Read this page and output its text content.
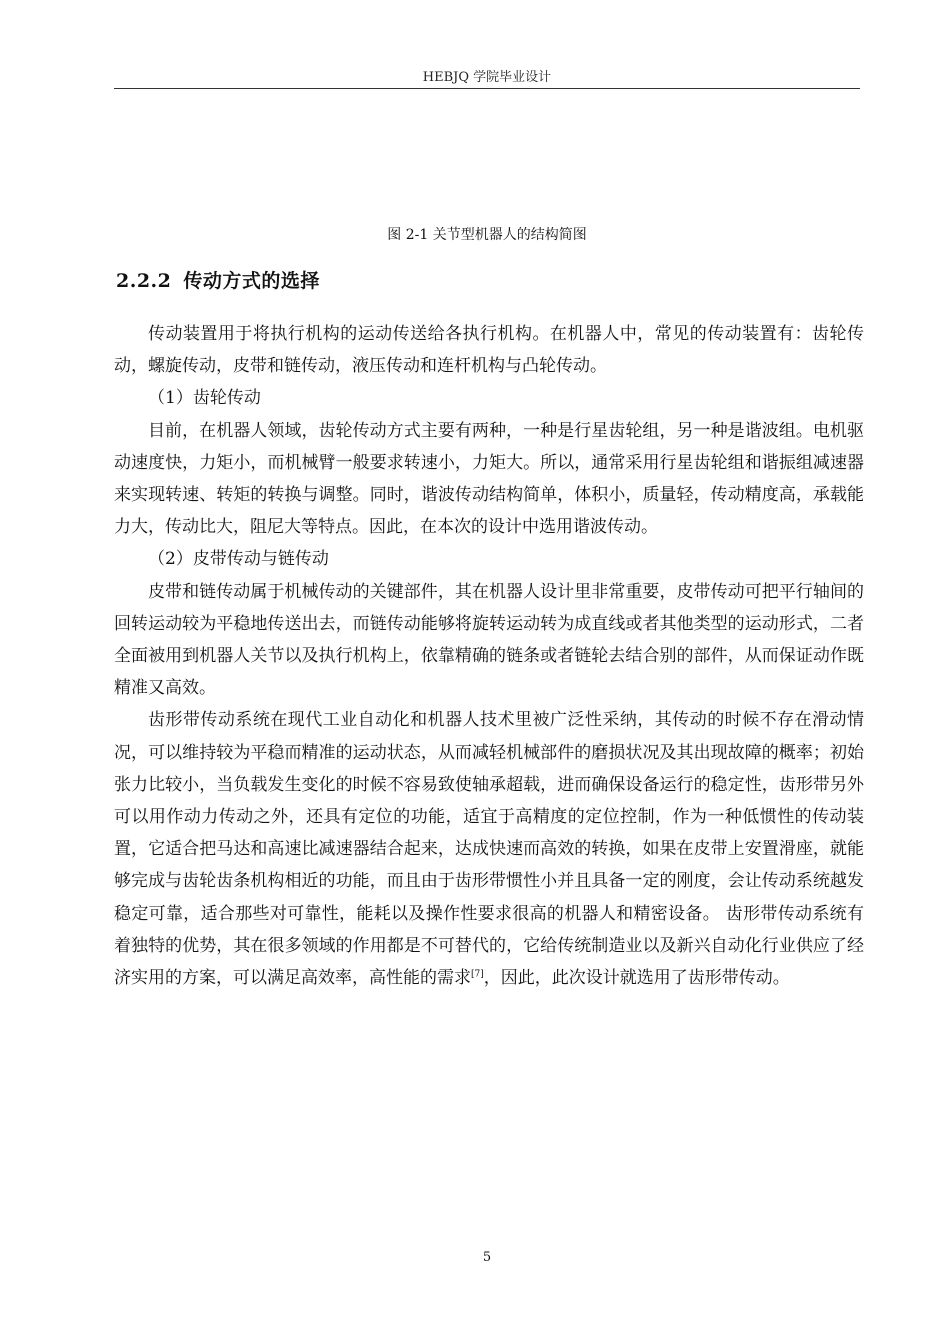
HEBJQ 学院毕业设计
图 2-1 关节型机器人的结构简图
2.2.2 传动方式的选择

传动装置用于将执行机构的运动传送给各执行机构。在机器人中，常见的传动装置有：齿轮传动，螺旋传动，皮带和链传动，液压传动和连杆机构与凸轮传动。

（1）齿轮传动

目前，在机器人领域，齿轮传动方式主要有两种，一种是行星齿轮组，另一种是谐波组。电机驱动速度快，力矩小，而机械臂一般要求转速小，力矩大。所以，通常采用行星齿轮组和谐振组减速器来实现转速、转矩的转换与调整。同时，谐波传动结构简单，体积小，质量轻，传动精度高，承载能力大，传动比大，阻尼大等特点。因此，在本次的设计中选用谐波传动。

（2）皮带传动与链传动

皮带和链传动属于机械传动的关键部件，其在机器人设计里非常重要，皮带传动可把平行轴间的回转运动较为平稳地传送出去，而链传动能够将旋转运动转为成直线或者其他类型的运动形式，二者全面被用到机器人关节以及执行机构上，依靠精确的链条或者链轮去结合别的部件，从而保证动作既精准又高效。

齿形带传动系统在现代工业自动化和机器人技术里被广泛性采纳，其传动的时候不存在滑动情况，可以维持较为平稳而精准的运动状态，从而减轻机械部件的磨损状况及其出现故障的概率；初始张力比较小，当负载发生变化的时候不容易致使轴承超载，进而确保设备运行的稳定性，齿形带另外可以用作动力传动之外，还具有定位的功能，适宜于高精度的定位控制，作为一种低惯性的传动装置，它适合把马达和高速比减速器结合起来，达成快速而高效的转换，如果在皮带上安置滑座，就能够完成与齿轮齿条机构相近的功能，而且由于齿形带惯性小并且具备一定的刚度，会让传动系统越发稳定可靠，适合那些对可靠性，能耗以及操作性要求很高的机器人和精密设备。 齿形带传动系统有着独特的优势，其在很多领域的作用都是不可替代的，它给传统制造业以及新兴自动化行业供应了经济实用的方案，可以满足高效率，高性能的需求[7]，因此，此次设计就选用了齿形带传动。

5
